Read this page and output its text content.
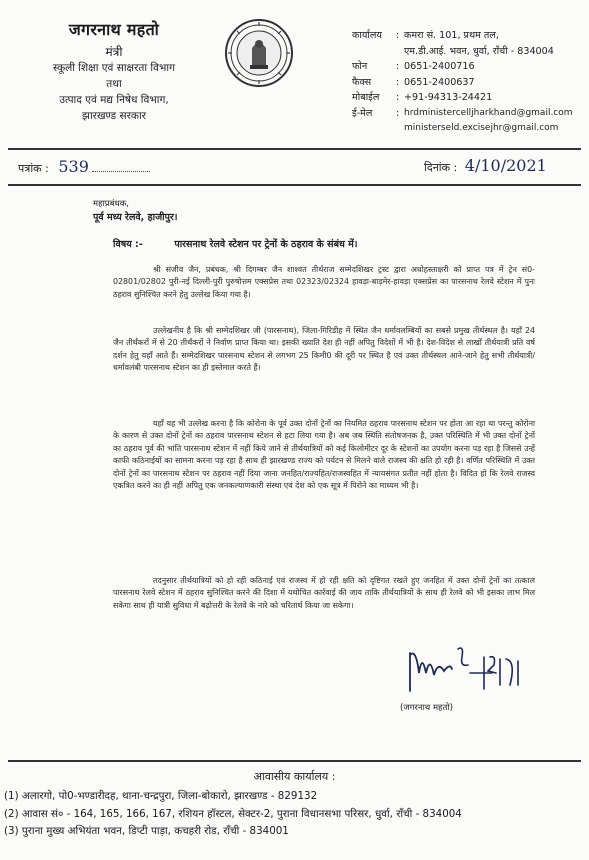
जगरनाथ महतो
मंत्री
स्कूली शिक्षा एवं साक्षरता विभाग
तथा
उत्पाद एवं मद्य निषेध विभाग,
झारखण्ड सरकार
कार्यालय	: कमरा सं. 101, प्रथम तल,
एम.डी.आई. भवन, धुर्वा, राँची - 834004
फोन	: 0651-2400716
फैक्स	: 0651-2400637
मोबाईल	: +91-94313-24421
ई-मेल	: hrdministercelljharkhand@gmail.com
ministerseld.excisejhr@gmail.com
पत्रांक : 539	दिनांक : 4/10/2021
महाप्रबंधक,
पूर्व मध्य रेलवे, हाजीपुर।
विषय :-	पारसनाथ रेलवे स्टेशन पर ट्रेनों के ठहराव के संबंध में।
श्री संजीव जैन, प्रबंधक, श्री दिगम्बर जैन शाश्वत तीर्थराज सम्मेदशिखर ट्रस्ट द्वारा अधोहस्ताक्षरी को प्राप्त पत्र में ट्रेन सं0-02801/02802 पुरी-नई दिल्ली-पुरी पुरुषोत्तम एक्सप्रेस तथा 02323/02324 हावड़ा-बाड़मेर-हावड़ा एक्सप्रेस का पारसनाथ रेलवे स्टेशन में पुनः ठहराव सुनिश्चित करने हेतु उल्लेख किया गया है।
उल्लेखनीय है कि श्री सम्मेदशिखर जी (पारसनाथ), जिला-गिरिडीह में स्थित जैन धर्मावलम्बियों का सबसे प्रमुख तीर्थस्थल है। यहाँ 24 जैन तीर्थंकरों में से 20 तीर्थंकरों ने निर्वाण प्राप्त किया था। इसकी ख्याति देश ही नहीं अपितु विदेशों में भी है। देश-विदेश से लाखों तीर्थयात्री प्रति वर्ष दर्शन हेतु यहाँ आते हैं। सम्मेदशिखर पारसनाथ स्टेशन से लगभग 25 किमी0 की दूरी पर स्थित है एवं उक्त तीर्थस्थल आने-जाने हेतु सभी तीर्थयात्री/धर्मावलंबी पारसनाथ स्टेशन का ही इस्तेमाल करते हैं।
यहाँ यह भी उल्लेख करना है कि कोरोना के पूर्व उक्त दोनों ट्रेनों का नियमित ठहराव पारसनाथ स्टेशन पर होता आ रहा था परन्तु कोरोना के कारण से उक्त दोनों ट्रेनों का ठहराव पारसनाथ स्टेशन से हटा लिया गया है। अब जब स्थिति संतोषजनक है, उक्त परिस्थिति में भी उक्त दोनों ट्रेनों का ठहराव पूर्व की भांति पारसनाथ स्टेशन में नहीं किये जाने से तीर्थयात्रियों को कई किलोमीटर दूर के स्टेशनों का उपयोग करना पड़ रहा है जिससे उन्हें काफी कठिनाईयों का सामना करना पड़ रहा है साथ ही झारखण्ड राज्य को पर्यटन से मिलने वाले राजस्व की क्षति हो रही है। वर्णित परिस्थिति में उक्त दोनों ट्रेनों का पारसनाथ स्टेशन पर ठहराव नहीं दिया जाना जनहित/राज्यहित/राजस्वहित में न्यायसंगत प्रतीत नहीं होता है। विदित हो कि रेलवे राजस्व एकत्रित करने का ही नहीं अपितु एक जनकल्याणकारी संस्था एवं देश को एक सूत्र में पिरोने का माध्यम भी है।
तदनुसार तीर्थयात्रियों को हो रही कठिनाई एवं राजस्व में हो रही क्षति को दृष्टिगत रखते हुए जनहित में उक्त दोनों ट्रेनों का तत्काल पारसनाथ रेलवे स्टेशन में ठहराव सुनिश्चित करने की दिशा में यथोचित कार्रवाई की जाय ताकि तीर्थयात्रियों के साथ ही रेलवे को भी इसका लाभ मिल सकेगा साथ ही यात्री सुविधा में बढ़ोत्तरी के रेलवे के नारे को चरितार्थ किया जा सकेगा।
(जगरनाथ महतो)
आवासीय कार्यालय :
(1) अलारगो, पो0-भण्डारीदह, थाना-चन्द्रपुरा, जिला-बोकारो, झारखण्ड - 829132
(2) आवास सं० - 164, 165, 166, 167, रशियन हॉस्टल, सेक्टर-2, पुराना विधानसभा परिसर, धुर्वा, राँची - 834004
(3) पुराना मुख्य अभियंता भवन, डिप्टी पाड़ा, कचहरी रोड, राँची - 834001
